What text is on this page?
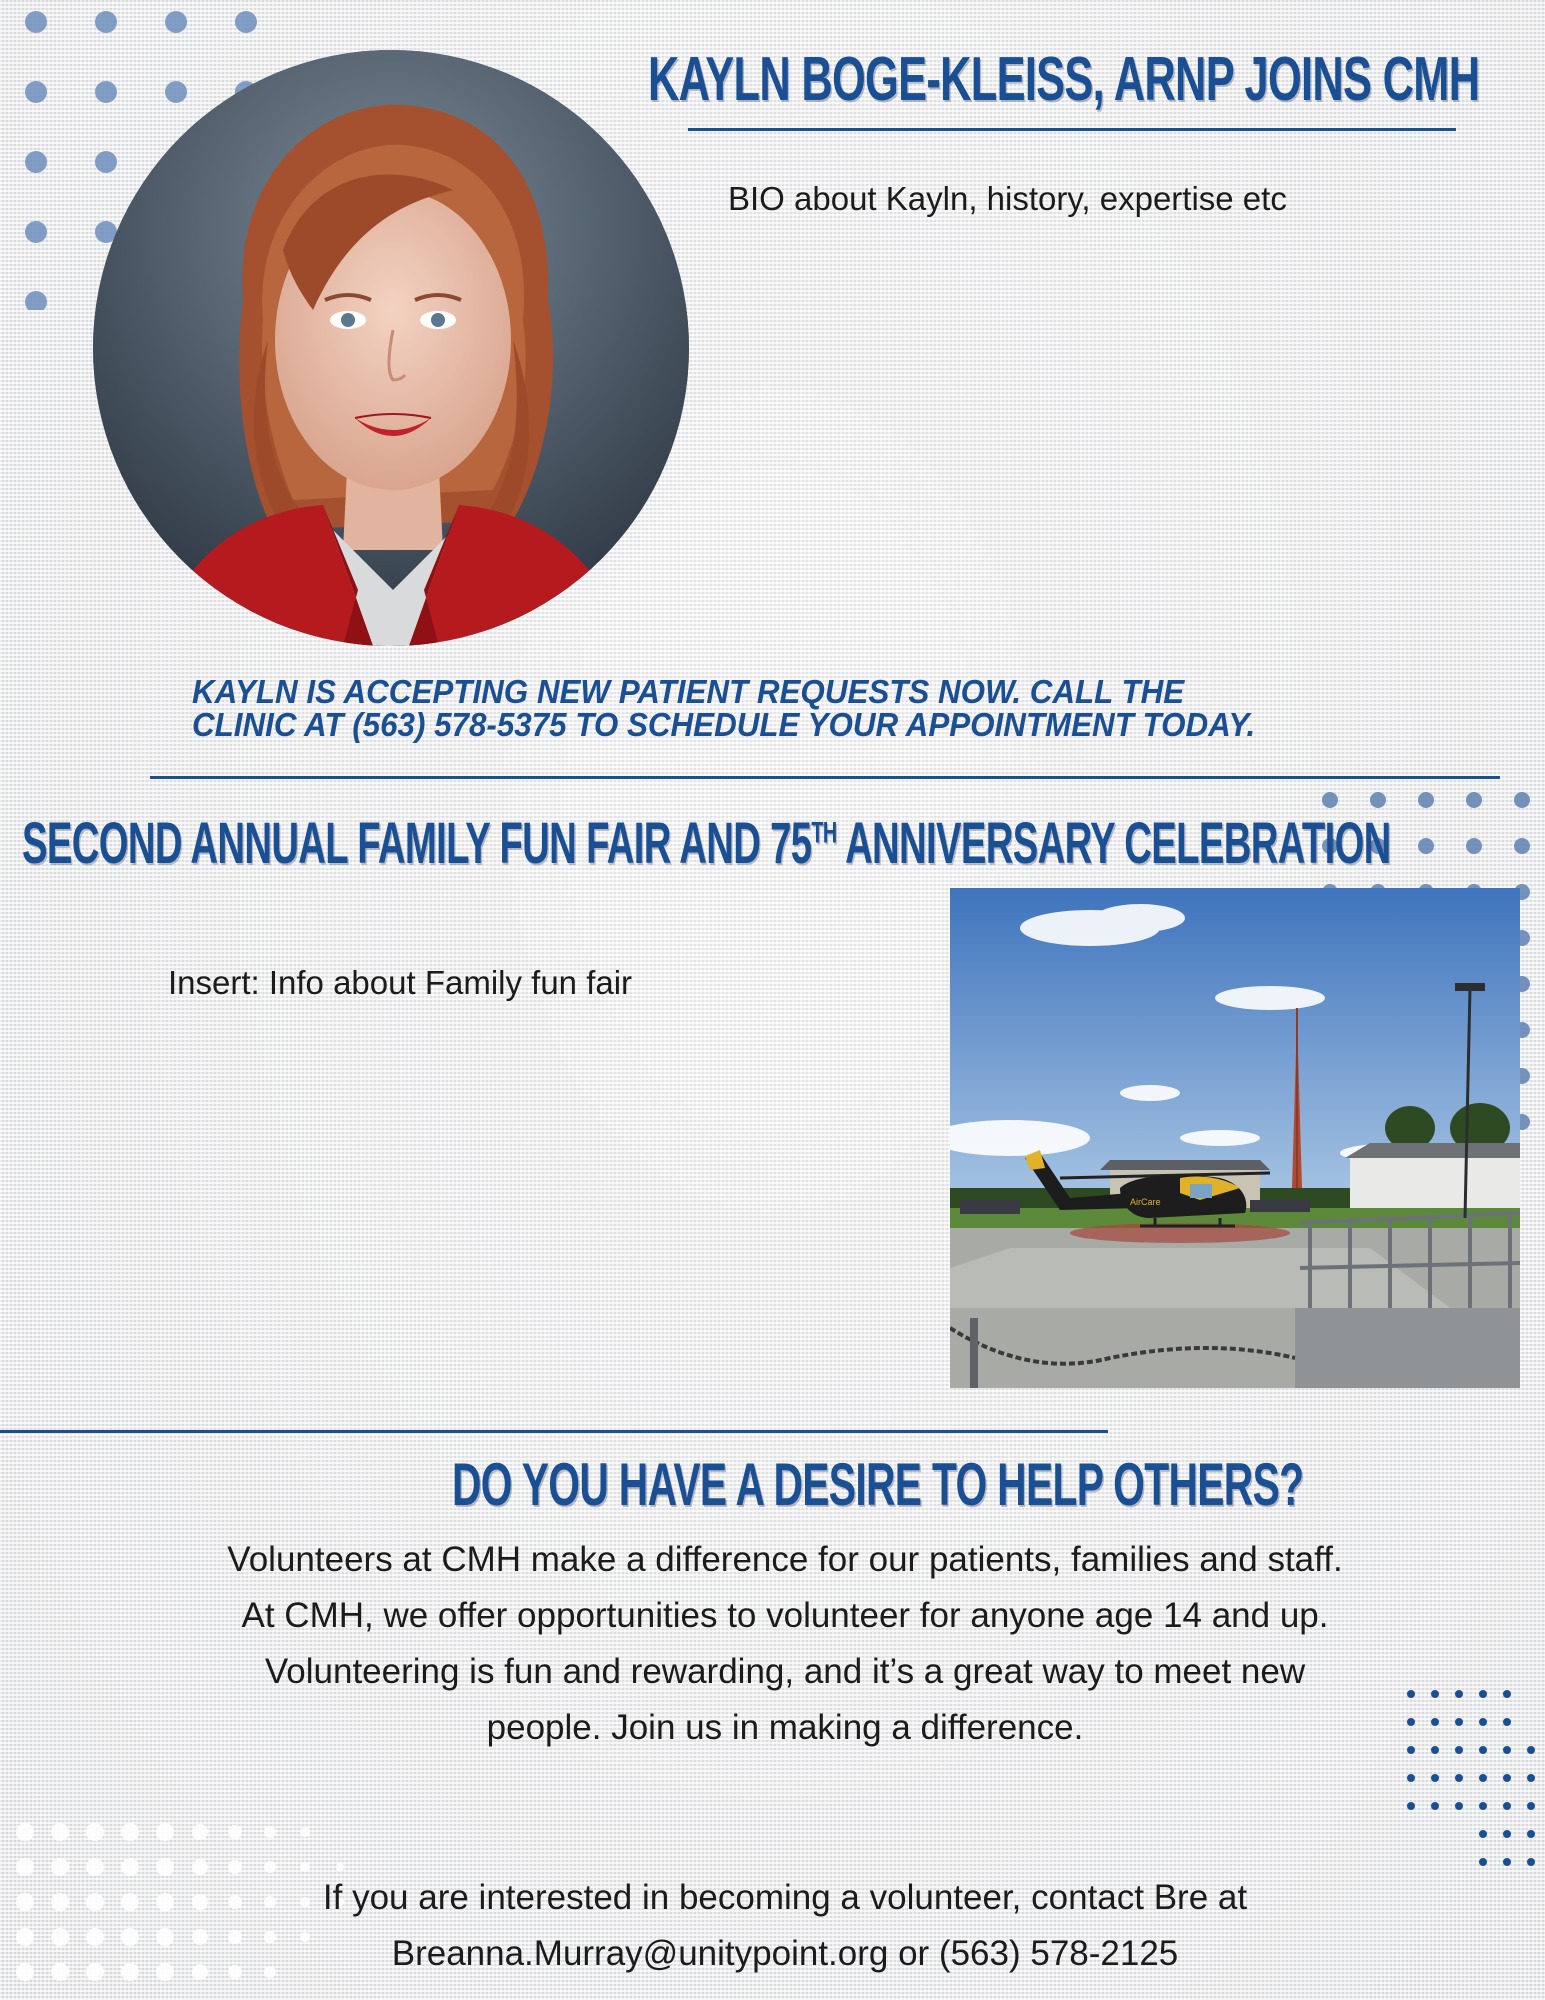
KAYLN BOGE-KLEISS, ARNP JOINS CMH

BIO about Kayln, history, expertise etc

KAYLN IS ACCEPTING NEW PATIENT REQUESTS NOW. CALL THE
CLINIC AT (563) 578-5375 TO SCHEDULE YOUR APPOINTMENT TODAY.
SECOND ANNUAL FAMILY FUN FAIR AND 75TH ANNIVERSARY CELEBRATION

Insert: Info about Family fun fair

AirCare
DO YOU HAVE A DESIRE TO HELP OTHERS?

Volunteers at CMH make a difference for our patients, families and staff. At CMH, we offer opportunities to volunteer for anyone age 14 and up. Volunteering is fun and rewarding, and it’s a great way to meet new people. Join us in making a difference.

If you are interested in becoming a volunteer, contact Bre at
Breanna.Murray@unitypoint.org or (563) 578-2125
